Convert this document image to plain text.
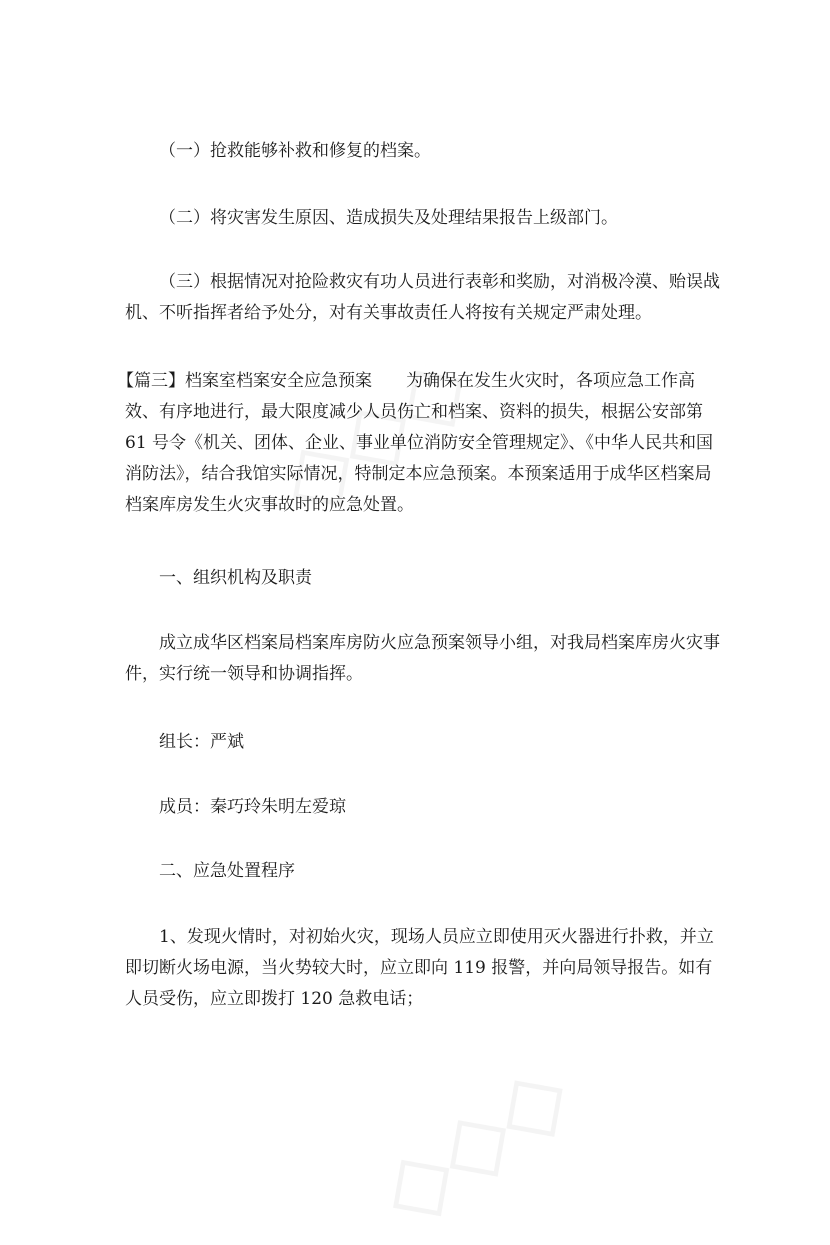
（一）抢救能够补救和修复的档案。

（二）将灾害发生原因、造成损失及处理结果报告上级部门。

（三）根据情况对抢险救灾有功人员进行表彰和奖励，对消极冷漠、贻误战
机、不听指挥者给予处分，对有关事故责任人将按有关规定严肃处理。

【篇三】档案室档案安全应急预案　　为确保在发生火灾时，各项应急工作高
效、有序地进行，最大限度减少人员伤亡和档案、资料的损失，根据公安部第
61 号令《机关、团体、企业、事业单位消防安全管理规定》、《中华人民共和国
消防法》，结合我馆实际情况，特制定本应急预案。本预案适用于成华区档案局
档案库房发生火灾事故时的应急处置。

一、组织机构及职责

成立成华区档案局档案库房防火应急预案领导小组，对我局档案库房火灾事
件，实行统一领导和协调指挥。

组长：严斌

成员：秦巧玲朱明左爱琼

二、应急处置程序

1、发现火情时，对初始火灾，现场人员应立即使用灭火器进行扑救，并立
即切断火场电源，当火势较大时，应立即向 119 报警，并向局领导报告。如有
人员受伤，应立即拨打 120 急救电话；
